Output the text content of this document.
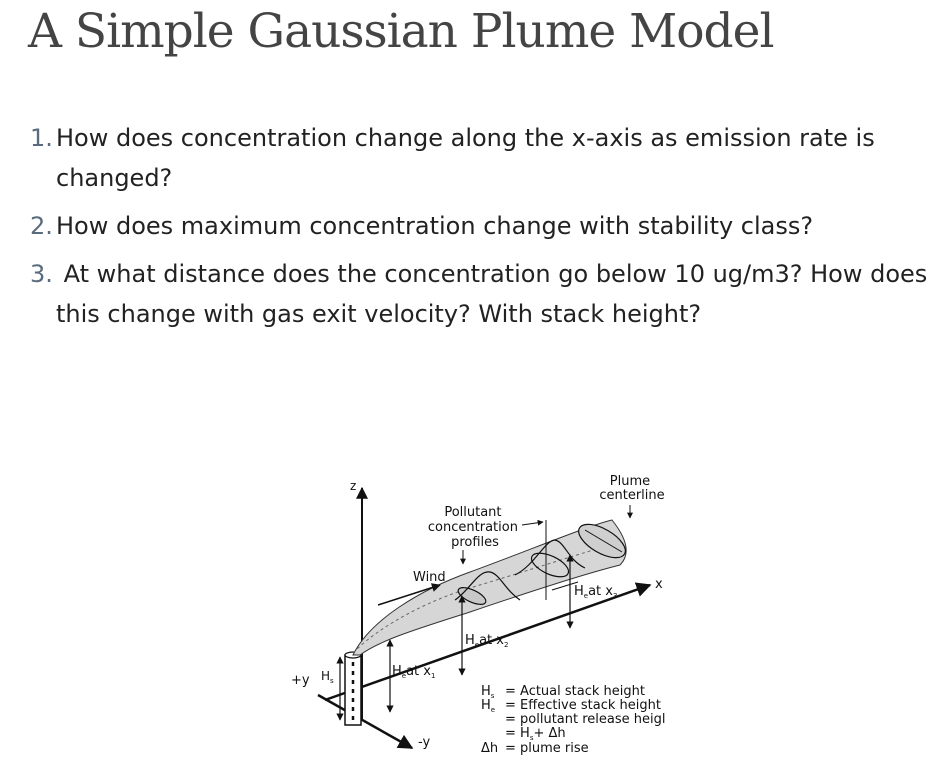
A Simple Gaussian Plume Model
1. How does concentration change along the x-axis as emission rate is changed?
2. How does maximum concentration change with stability class?
3. At what distance does the concentration go below 10 ug/m3? How does this change with gas exit velocity? With stack height?
z
x
-y
+y $H_s$
Plume centerline
Pollutant concentration profiles
Wind
$H_eat$ $x_1$
$H_eat$ $x_2$
$H_eat$ $x_3$
$H_s$ = Actual stack height
$H_e$ = Effective stack height
= pollutant release heigl
= $H_s+ \Delta h$
Δh = plume rise
